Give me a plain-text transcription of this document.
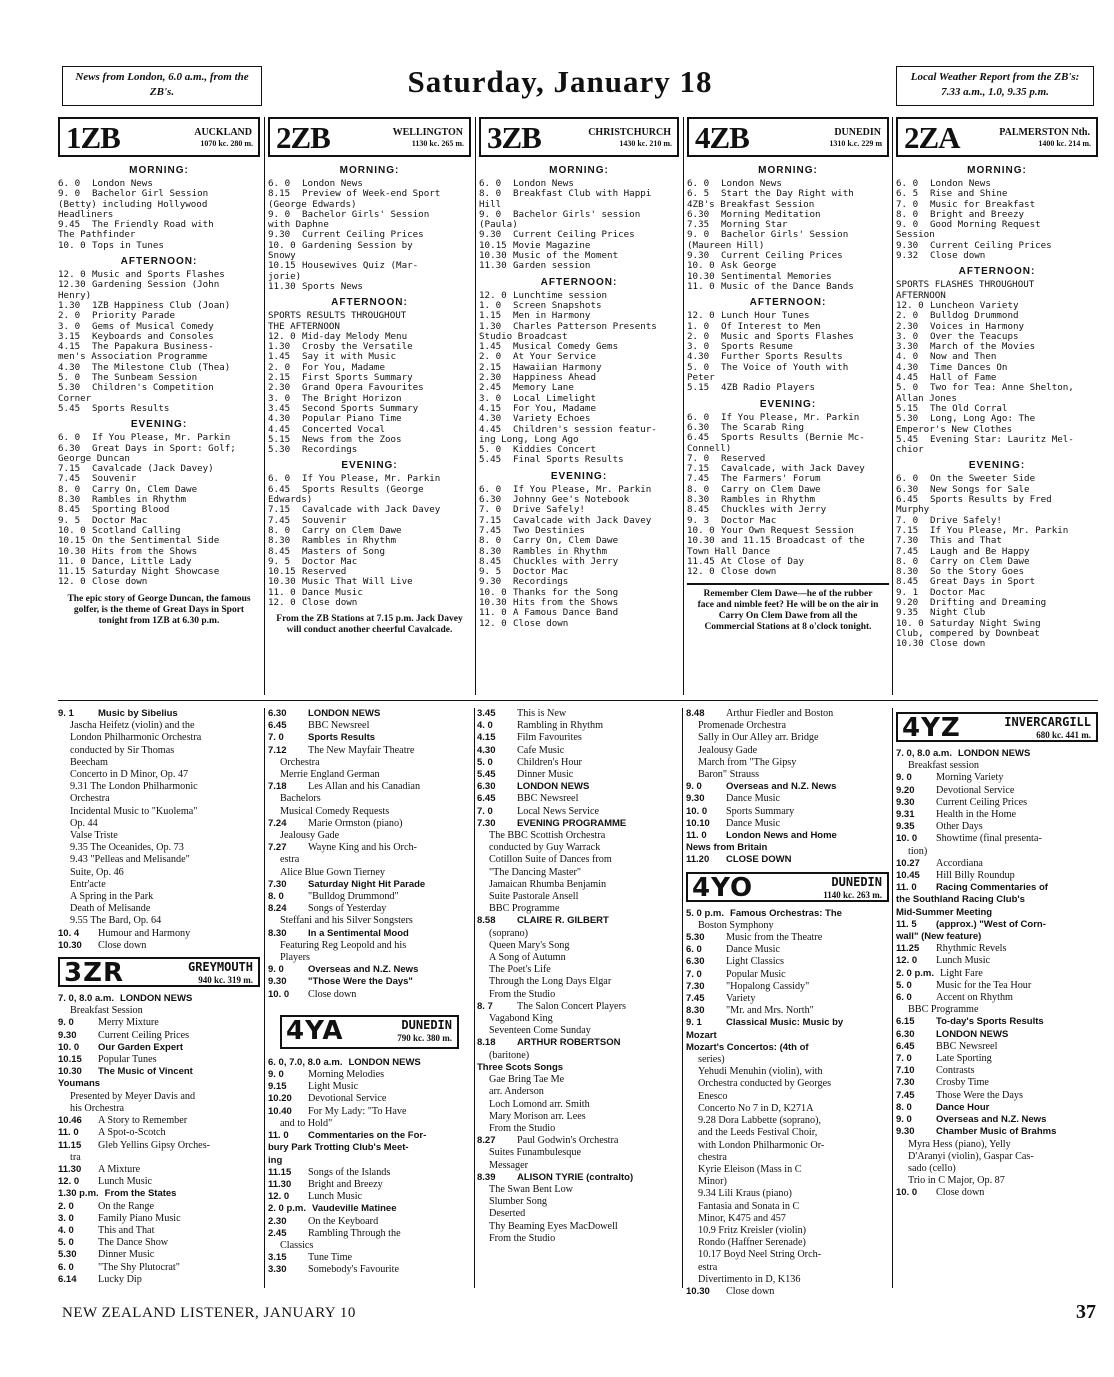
News from London, 6.0 a.m., from the ZB's.	Saturday, January 18	Local Weather Report from the ZB's: 7.33 a.m., 1.0, 9.35 p.m.
1ZB	AUCKLAND
1070 kc. 280 m.
MORNING:
6. 0 London News
9. 0 Bachelor Girl Session
(Betty) including Hollywood
Headliners
9.45 The Friendly Road with
The Pathfinder
10. 0 Tops in Tunes
AFTERNOON:
12. 0 Music and Sports Flashes
12.30 Gardening Session (John
Henry)
1.30 1ZB Happiness Club (Joan)
2. 0 Priority Parade
3. 0 Gems of Musical Comedy
3.15 Keyboards and Consoles
4.15 The Papakura Business-
men's Association Programme
4.30 The Milestone Club (Thea)
5. 0 The Sunbeam Session
5.30 Children's Competition
Corner
5.45 Sports Results
EVENING:
6. 0 If You Please, Mr. Parkin
6.30 Great Days in Sport: Golf;
George Duncan
7.15 Cavalcade (Jack Davey)
7.45 Souvenir
8. 0 Carry On, Clem Dawe
8.30 Rambles in Rhythm
8.45 Sporting Blood
9. 5 Doctor Mac
10. 0 Scotland Calling
10.15 On the Sentimental Side
10.30 Hits from the Shows
11. 0 Dance, Little Lady
11.15 Saturday Night Showcase
12. 0 Close down
The epic story of George Duncan, the famous golfer, is the theme of Great Days in Sport tonight from 1ZB at 6.30 p.m.
2ZB	WELLINGTON
1130 kc. 265 m.
MORNING:
6. 0 London News
8.15 Preview of Week-end Sport
(George Edwards)
9. 0 Bachelor Girls' Session
with Daphne
9.30 Current Ceiling Prices
10. 0 Gardening Session by
Snowy
10.15 Housewives Quiz (Mar-
jorie)
11.30 Sports News
AFTERNOON:
SPORTS RESULTS THROUGHOUT
THE AFTERNOON
12. 0 Mid-day Melody Menu
1.30 Crosby the Versatile
1.45 Say it with Music
2. 0 For You, Madame
2.15 First Sports Summary
2.30 Grand Opera Favourites
3. 0 The Bright Horizon
3.45 Second Sports Summary
4.30 Popular Piano Time
4.45 Concerted Vocal
5.15 News from the Zoos
5.30 Recordings
EVENING:
6. 0 If You Please, Mr. Parkin
6.45 Sports Results (George
Edwards)
7.15 Cavalcade with Jack Davey
7.45 Souvenir
8. 0 Carry on Clem Dawe
8.30 Rambles in Rhythm
8.45 Masters of Song
9. 5 Doctor Mac
10.15 Reserved
10.30 Music That Will Live
11. 0 Dance Music
12. 0 Close down
From the ZB Stations at 7.15 p.m. Jack Davey will conduct another cheerful Cavalcade.
3ZB	CHRISTCHURCH
1430 kc. 210 m.
MORNING:
6. 0 London News
8. 0 Breakfast Club with Happi
Hill
9. 0 Bachelor Girls' session
(Paula)
9.30 Current Ceiling Prices
10.15 Movie Magazine
10.30 Music of the Moment
11.30 Garden session
AFTERNOON:
12. 0 Lunchtime session
1. 0 Screen Snapshots
1.15 Men in Harmony
1.30 Charles Patterson Presents
Studio Broadcast
1.45 Musical Comedy Gems
2. 0 At Your Service
2.15 Hawaiian Harmony
2.30 Happiness Ahead
2.45 Memory Lane
3. 0 Local Limelight
4.15 For You, Madame
4.30 Variety Echoes
4.45 Children's session featur-
ing Long, Long Ago
5. 0 Kiddies Concert
5.45 Final Sports Results
EVENING:
6. 0 If You Please, Mr. Parkin
6.30 Johnny Gee's Notebook
7. 0 Drive Safely!
7.15 Cavalcade with Jack Davey
7.45 Two Destinies
8. 0 Carry On, Clem Dawe
8.30 Rambles in Rhythm
8.45 Chuckles with Jerry
9. 5 Doctor Mac
9.30 Recordings
10. 0 Thanks for the Song
10.30 Hits from the Shows
11. 0 A Famous Dance Band
12. 0 Close down
4ZB	DUNEDIN
1310 k.c. 229 m
MORNING:
6. 0 London News
6. 5 Start the Day Right with
4ZB's Breakfast Session
6.30 Morning Meditation
7.35 Morning Star
9. 0 Bachelor Girls' Session
(Maureen Hill)
9.30 Current Ceiling Prices
10. 0 Ask George
10.30 Sentimental Memories
11. 0 Music of the Dance Bands
AFTERNOON:
12. 0 Lunch Hour Tunes
1. 0 Of Interest to Men
2. 0 Music and Sports Flashes
3. 0 Sports Resume
4.30 Further Sports Results
5. 0 The Voice of Youth with
Peter
5.15 4ZB Radio Players
EVENING:
6. 0 If You Please, Mr. Parkin
6.30 The Scarab Ring
6.45 Sports Results (Bernie Mc-
Connell)
7. 0 Reserved
7.15 Cavalcade, with Jack Davey
7.45 The Farmers' Forum
8. 0 Carry on Clem Dawe
8.30 Rambles in Rhythm
8.45 Chuckles with Jerry
9. 3 Doctor Mac
10. 0 Your Own Request Session
10.30 and 11.15 Broadcast of the
Town Hall Dance
11.45 At Close of Day
12. 0 Close down
Remember Clem Dawe—he of the rubber face and nimble feet? He will be on the air in Carry On Clem Dawe from all the Commercial Stations at 8 o'clock tonight.
2ZA	PALMERSTON Nth.
1400 kc. 214 m.
MORNING:
6. 0 London News
6. 5 Rise and Shine
7. 0 Music for Breakfast
8. 0 Bright and Breezy
9. 0 Good Morning Request
Session
9.30 Current Ceiling Prices
9.32 Close down
AFTERNOON:
SPORTS FLASHES THROUGHOUT
AFTERNOON
12. 0 Luncheon Variety
2. 0 Bulldog Drummond
2.30 Voices in Harmony
3. 0 Over the Teacups
3.30 March of the Movies
4. 0 Now and Then
4.30 Time Dances On
4.45 Hall of Fame
5. 0 Two for Tea: Anne Shelton,
Allan Jones
5.15 The Old Corral
5.30 Long, Long Ago: The
Emperor's New Clothes
5.45 Evening Star: Lauritz Mel-
chior
EVENING:
6. 0 On the Sweeter Side
6.30 New Songs for Sale
6.45 Sports Results by Fred
Murphy
7. 0 Drive Safely!
7.15 If You Please, Mr. Parkin
7.30 This and That
7.45 Laugh and Be Happy
8. 0 Carry on Clem Dawe
8.30 So the Story Goes
8.45 Great Days in Sport
9. 1 Doctor Mac
9.20 Drifting and Dreaming
9.35 Night Club
10. 0 Saturday Night Swing
Club, compered by Downbeat
10.30 Close down
9. 1	Music by Sibelius
Jascha Heifetz (violin) and the
London Philharmonic Orchestra
conducted by Sir Thomas
Beecham
Concerto in D Minor, Op. 47
9.31 The London Philharmonic
Orchestra
Incidental Music to "Kuolema"
Op. 44
Valse Triste
9.35 The Oceanides, Op. 73
9.43 "Pelleas and Melisande"
Suite, Op. 46
Entr'acte
A Spring in the Park
Death of Melisande
9.55 The Bard, Op. 64
10. 4 Humour and Harmony
10.30 Close down
3ZR	GREYMOUTH
940 kc. 319 m.
7. 0, 8.0 a.m. LONDON NEWS
Breakfast Session
9. 0 Merry Mixture
9.30 Current Ceiling Prices
10. 0 Our Garden Expert
10.15 Popular Tunes
10.30 The Music of Vincent
Youmans
Presented by Meyer Davis and
his Orchestra
10.46 A Story to Remember
11. 0 A Spot-o-Scotch
11.15 Gleb Yellins Gipsy Orches-
tra
11.30 A Mixture
12. 0 Lunch Music
1.30 p.m. From the States
2. 0 On the Range
3. 0 Family Piano Music
4. 0 This and That
5. 0 The Dance Show
5.30 Dinner Music
6. 0 "The Shy Plutocrat"
6.14 Lucky Dip
6.30 LONDON NEWS
6.45 BBC Newsreel
7. 0	Sports Results
7.12 The New Mayfair Theatre
Orchestra
Merrie England German
7.18 Les Allan and his Canadian
Bachelors
Musical Comedy Requests
7.24 Marie Ormston (piano)
Jealousy Gade
7.27 Wayne King and his Orch-
estra
Alice Blue Gown Tierney
7.30 Saturday Night Hit Parade
8. 0 "Bulldog Drummond"
8.24 Songs of Yesterday
Steffani and his Silver Songsters
8.30 In a Sentimental Mood
Featuring Reg Leopold and his
Players
9. 0	Overseas and N.Z. News
9.30 "Those Were the Days"
10. 0 Close down
4YA	DUNEDIN
790 kc. 380 m.
6. 0, 7.0, 8.0 a.m. LONDON NEWS
9. 0 Morning Melodies
9.15 Light Music
10.20 Devotional Service
10.40 For My Lady: "To Have
and to Hold"
11. 0 Commentaries on the For-
bury Park Trotting Club's Meet-
ing
11.15 Songs of the Islands
11.30 Bright and Breezy
12. 0 Lunch Music
2. 0 p.m. Vaudeville Matinee
2.30 On the Keyboard
2.45 Rambling Through the
Classics
3.15 Tune Time
3.30 Somebody's Favourite
3.45 This is New
4. 0 Rambling in Rhythm
4.15 Film Favourites
4.30 Cafe Music
5. 0 Children's Hour
5.45 Dinner Music
6.30 LONDON NEWS
6.45 BBC Newsreel
7. 0 Local News Service
7.30 EVENING PROGRAMME
The BBC Scottish Orchestra
conducted by Guy Warrack
Cotillon Suite of Dances from
"The Dancing Master"
Jamaican Rhumba Benjamin
Suite Pastorale Ansell
BBC Programme
8.58 CLAIRE R. GILBERT
(soprano)
Queen Mary's Song
A Song of Autumn
The Poet's Life
Through the Long Days Elgar
From the Studio
8. 7 The Salon Concert Players
Vagabond King
Seventeen Come Sunday
8.18 ARTHUR ROBERTSON
(baritone)
Three Scots Songs
Gae Bring Tae Me
arr. Anderson
Loch Lomond arr. Smith
Mary Morison arr. Lees
From the Studio
8.27 Paul Godwin's Orchestra
Suites Funambulesque
Messager
8.39 ALISON TYRIE (contralto)
The Swan Bent Low
Slumber Song
Deserted
Thy Beaming Eyes MacDowell
From the Studio
8.48 Arthur Fiedler and Boston
Promenade Orchestra
Sally in Our Alley arr. Bridge
Jealousy Gade
March from "The Gipsy
Baron" Strauss
9. 0	Overseas and N.Z. News
9.30 Dance Music
10. 0 Sports Summary
10.10 Dance Music
11. 0 London News and Home
News from Britain
11.20 CLOSE DOWN
4YO	DUNEDIN
1140 kc. 263 m.
5. 0 p.m. Famous Orchestras: The
Boston Symphony
5.30 Music from the Theatre
6. 0 Dance Music
6.30 Light Classics
7. 0 Popular Music
7.30 "Hopalong Cassidy"
7.45 Variety
8.30 "Mr. and Mrs. North"
9. 1	Classical Music: Music by
Mozart
Mozart's Concertos: (4th of
series)
Yehudi Menuhin (violin), with
Orchestra conducted by Georges
Enesco
Concerto No 7 in D, K271A
9.28 Dora Labbette (soprano),
and the Leeds Festival Choir,
with London Philharmonic Or-
chestra
Kyrie Eleison (Mass in C
Minor)
9.34 Lili Kraus (piano)
Fantasia and Sonata in C
Minor, K475 and 457
10.9 Fritz Kreisler (violin)
Rondo (Haffner Serenade)
10.17 Boyd Neel String Orch-
estra
Divertimento in D, K136
10.30 Close down
4YZ	INVERCARGILL
680 kc. 441 m.
7. 0, 8.0 a.m. LONDON NEWS
Breakfast session
9. 0 Morning Variety
9.20 Devotional Service
9.30 Current Ceiling Prices
9.31 Health in the Home
9.35 Other Days
10. 0 Showtime (final presenta-
tion)
10.27 Accordiana
10.45 Hill Billy Roundup
11. 0 Racing Commentaries of
the Southland Racing Club's
Mid-Summer Meeting
11. 5 (approx.) "West of Corn-
wall" (New feature)
11.25 Rhythmic Revels
12. 0 Lunch Music
2. 0 p.m. Light Fare
5. 0 Music for the Tea Hour
6. 0 Accent on Rhythm
BBC Programme
6.15 To-day's Sports Results
6.30 LONDON NEWS
6.45 BBC Newsreel
7. 0 Late Sporting
7.10 Contrasts
7.30 Crosby Time
7.45 Those Were the Days
8. 0	Dance Hour
9. 0	Overseas and N.Z. News
9.30 Chamber Music of Brahms
Myra Hess (piano), Yelly
D'Aranyi (violin), Gaspar Cas-
sado (cello)
Trio in C Major, Op. 87
10. 0 Close down
NEW ZEALAND LISTENER, JANUARY 10	37
